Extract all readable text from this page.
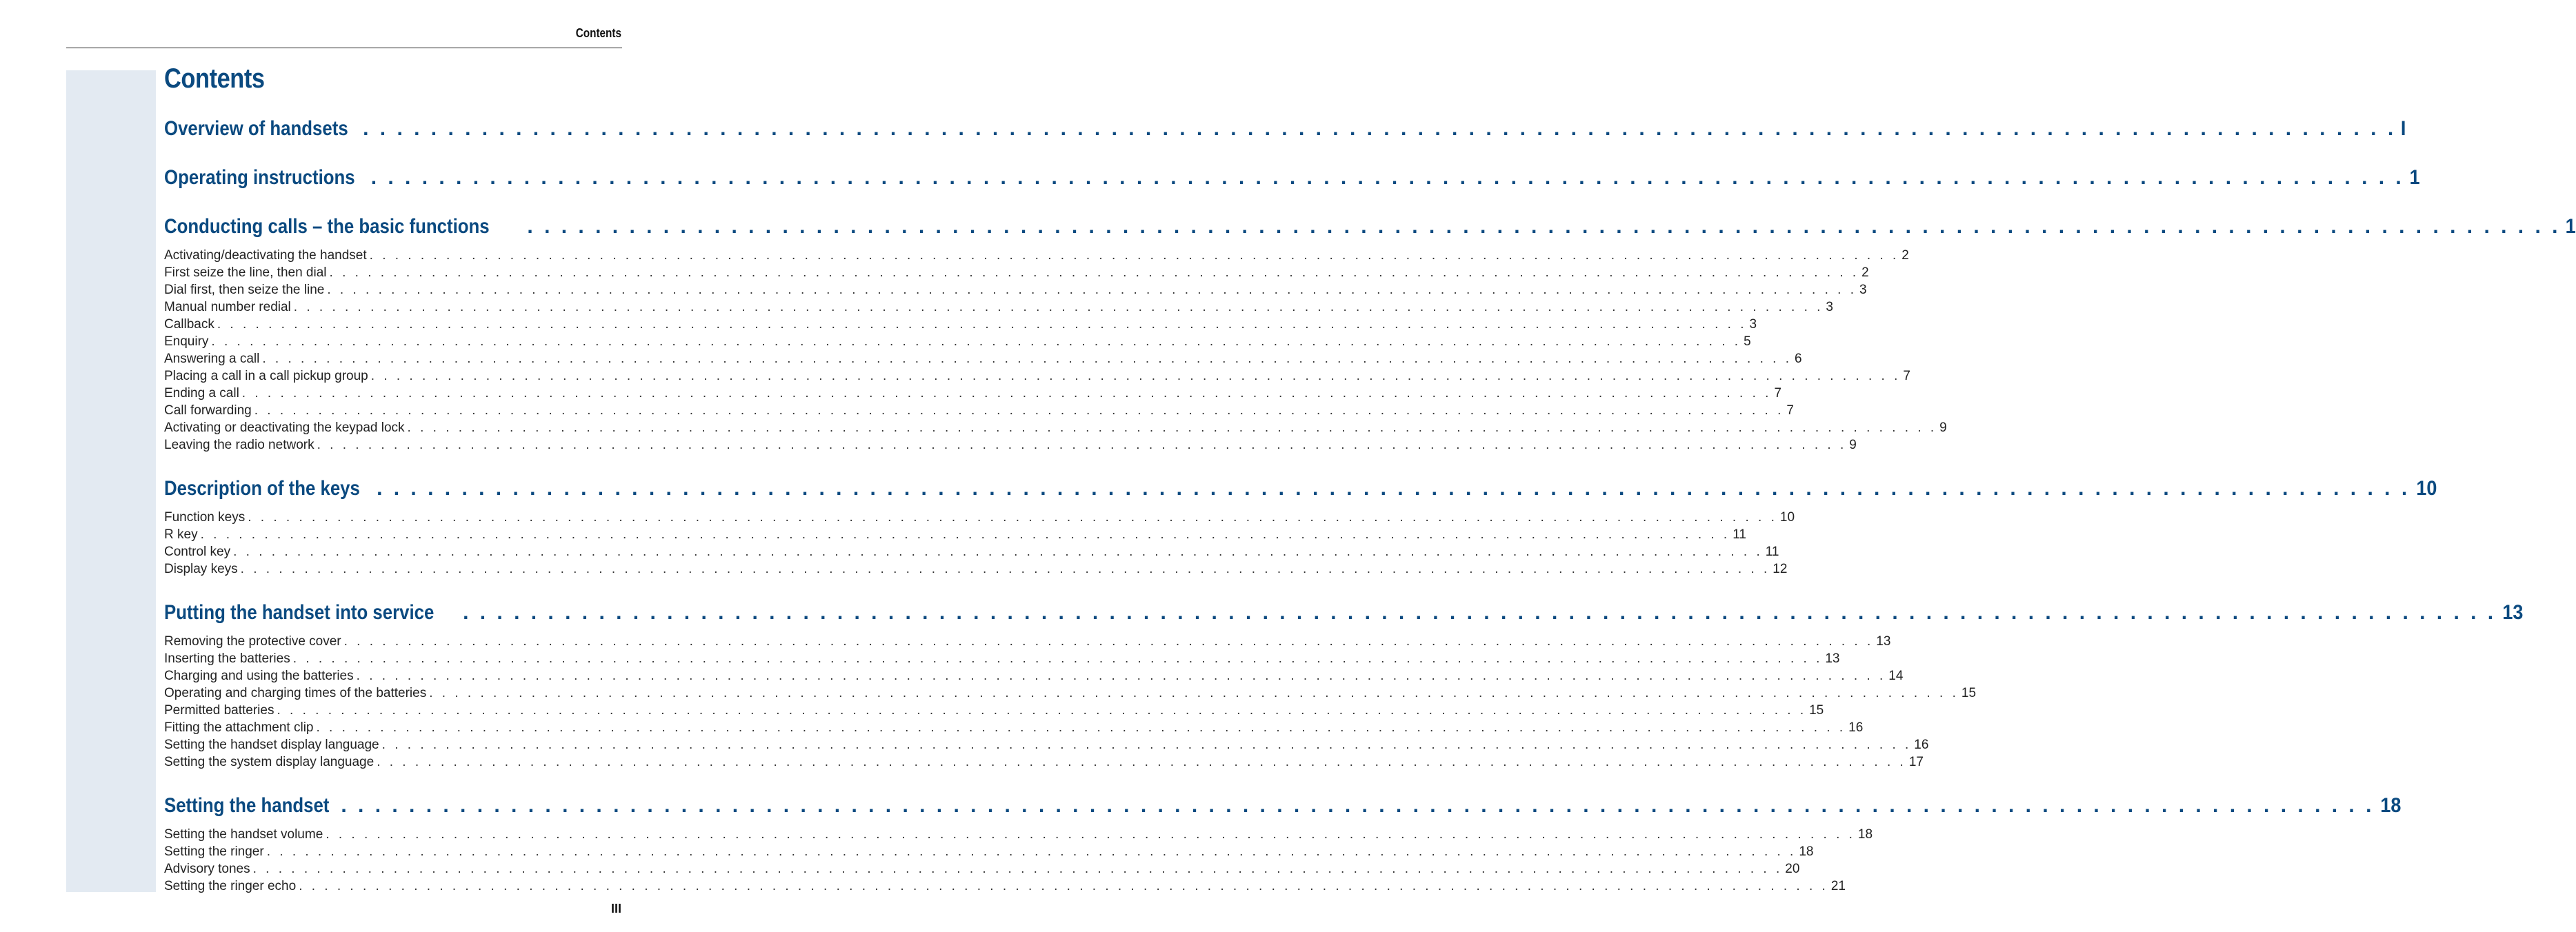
Contents
Contents
Overview of handsets . . . . . . . . . . . . . . . . . . . . . . . . . . . . . . . . . . . . . . . . . . . . . . . . . . . . . . . . . . . . . . . . . . . . . . . . . . . . . . . . . . . . . . . . . . . . . . . . . . . . . . . . . . . . . . . . . . . . . . . . I
Operating instructions . . . . . . . . . . . . . . . . . . . . . . . . . . . . . . . . . . . . . . . . . . . . . . . . . . . . . . . . . . . . . . . . . . . . . . . . . . . . . . . . . . . . . . . . . . . . . . . . . . . . . . . . . . . . . . . . . . . . . . . . 1
Conducting calls – the basic functions . . . . . . . . . . . . . . . . . . . . . . . . . . . . . . . . . . . . . . . . . . . . . . . . . . . . . . . . . . . . . . . . . . . . . . . . . . . . . . . . . . . . . . . . . . . . . . . . . . . . . . . . . . . . . . . . . . . . . . . . 1
Activating/deactivating the handset . . . . . . . . . . . . . . . . . . . . . . . . . . . . . . . . . . . . . . . . . . . . . . . . . . . . . . . . . . . . . . . . . . . . . . . . . . . . . . . . . . . . . . . . . . . . . . . . . . . . . . . . . . . . . . . . . . . . . . . . 2
First seize the line, then dial . . . . . . . . . . . . . . . . . . . . . . . . . . . . . . . . . . . . . . . . . . . . . . . . . . . . . . . . . . . . . . . . . . . . . . . . . . . . . . . . . . . . . . . . . . . . . . . . . . . . . . . . . . . . . . . . . . . . . . . . 2
Dial first, then seize the line . . . . . . . . . . . . . . . . . . . . . . . . . . . . . . . . . . . . . . . . . . . . . . . . . . . . . . . . . . . . . . . . . . . . . . . . . . . . . . . . . . . . . . . . . . . . . . . . . . . . . . . . . . . . . . . . . . . . . . . . 3
Manual number redial . . . . . . . . . . . . . . . . . . . . . . . . . . . . . . . . . . . . . . . . . . . . . . . . . . . . . . . . . . . . . . . . . . . . . . . . . . . . . . . . . . . . . . . . . . . . . . . . . . . . . . . . . . . . . . . . . . . . . . . . 3
Callback . . . . . . . . . . . . . . . . . . . . . . . . . . . . . . . . . . . . . . . . . . . . . . . . . . . . . . . . . . . . . . . . . . . . . . . . . . . . . . . . . . . . . . . . . . . . . . . . . . . . . . . . . . . . . . . . . . . . . . . . 3
Enquiry . . . . . . . . . . . . . . . . . . . . . . . . . . . . . . . . . . . . . . . . . . . . . . . . . . . . . . . . . . . . . . . . . . . . . . . . . . . . . . . . . . . . . . . . . . . . . . . . . . . . . . . . . . . . . . . . . . . . . . . . 5
Answering a call . . . . . . . . . . . . . . . . . . . . . . . . . . . . . . . . . . . . . . . . . . . . . . . . . . . . . . . . . . . . . . . . . . . . . . . . . . . . . . . . . . . . . . . . . . . . . . . . . . . . . . . . . . . . . . . . . . . . . . . . 6
Placing a call in a call pickup group . . . . . . . . . . . . . . . . . . . . . . . . . . . . . . . . . . . . . . . . . . . . . . . . . . . . . . . . . . . . . . . . . . . . . . . . . . . . . . . . . . . . . . . . . . . . . . . . . . . . . . . . . . . . . . . . . . . . . . . . 7
Ending a call . . . . . . . . . . . . . . . . . . . . . . . . . . . . . . . . . . . . . . . . . . . . . . . . . . . . . . . . . . . . . . . . . . . . . . . . . . . . . . . . . . . . . . . . . . . . . . . . . . . . . . . . . . . . . . . . . . . . . . . . 7
Call forwarding . . . . . . . . . . . . . . . . . . . . . . . . . . . . . . . . . . . . . . . . . . . . . . . . . . . . . . . . . . . . . . . . . . . . . . . . . . . . . . . . . . . . . . . . . . . . . . . . . . . . . . . . . . . . . . . . . . . . . . . . 7
Activating or deactivating the keypad lock . . . . . . . . . . . . . . . . . . . . . . . . . . . . . . . . . . . . . . . . . . . . . . . . . . . . . . . . . . . . . . . . . . . . . . . . . . . . . . . . . . . . . . . . . . . . . . . . . . . . . . . . . . . . . . . . . . . . . . . . 9
Leaving the radio network . . . . . . . . . . . . . . . . . . . . . . . . . . . . . . . . . . . . . . . . . . . . . . . . . . . . . . . . . . . . . . . . . . . . . . . . . . . . . . . . . . . . . . . . . . . . . . . . . . . . . . . . . . . . . . . . . . . . . . . . 9
Description of the keys . . . . . . . . . . . . . . . . . . . . . . . . . . . . . . . . . . . . . . . . . . . . . . . . . . . . . . . . . . . . . . . . . . . . . . . . . . . . . . . . . . . . . . . . . . . . . . . . . . . . . . . . . . . . . . . . . . . . . . . . 10
Function keys . . . . . . . . . . . . . . . . . . . . . . . . . . . . . . . . . . . . . . . . . . . . . . . . . . . . . . . . . . . . . . . . . . . . . . . . . . . . . . . . . . . . . . . . . . . . . . . . . . . . . . . . . . . . . . . . . . . . . . . . 10
R key . . . . . . . . . . . . . . . . . . . . . . . . . . . . . . . . . . . . . . . . . . . . . . . . . . . . . . . . . . . . . . . . . . . . . . . . . . . . . . . . . . . . . . . . . . . . . . . . . . . . . . . . . . . . . . . . . . . . . . . . 11
Control key . . . . . . . . . . . . . . . . . . . . . . . . . . . . . . . . . . . . . . . . . . . . . . . . . . . . . . . . . . . . . . . . . . . . . . . . . . . . . . . . . . . . . . . . . . . . . . . . . . . . . . . . . . . . . . . . . . . . . . . . 11
Display keys . . . . . . . . . . . . . . . . . . . . . . . . . . . . . . . . . . . . . . . . . . . . . . . . . . . . . . . . . . . . . . . . . . . . . . . . . . . . . . . . . . . . . . . . . . . . . . . . . . . . . . . . . . . . . . . . . . . . . . . . 12
Putting the handset into service . . . . . . . . . . . . . . . . . . . . . . . . . . . . . . . . . . . . . . . . . . . . . . . . . . . . . . . . . . . . . . . . . . . . . . . . . . . . . . . . . . . . . . . . . . . . . . . . . . . . . . . . . . . . . . . . . . . . . . . . 13
Removing the protective cover . . . . . . . . . . . . . . . . . . . . . . . . . . . . . . . . . . . . . . . . . . . . . . . . . . . . . . . . . . . . . . . . . . . . . . . . . . . . . . . . . . . . . . . . . . . . . . . . . . . . . . . . . . . . . . . . . . . . . . . . 13
Inserting the batteries . . . . . . . . . . . . . . . . . . . . . . . . . . . . . . . . . . . . . . . . . . . . . . . . . . . . . . . . . . . . . . . . . . . . . . . . . . . . . . . . . . . . . . . . . . . . . . . . . . . . . . . . . . . . . . . . . . . . . . . . 13
Charging and using the batteries . . . . . . . . . . . . . . . . . . . . . . . . . . . . . . . . . . . . . . . . . . . . . . . . . . . . . . . . . . . . . . . . . . . . . . . . . . . . . . . . . . . . . . . . . . . . . . . . . . . . . . . . . . . . . . . . . . . . . . . . 14
Operating and charging times of the batteries . . . . . . . . . . . . . . . . . . . . . . . . . . . . . . . . . . . . . . . . . . . . . . . . . . . . . . . . . . . . . . . . . . . . . . . . . . . . . . . . . . . . . . . . . . . . . . . . . . . . . . . . . . . . . . . . . . . . . . . . 15
Permitted batteries . . . . . . . . . . . . . . . . . . . . . . . . . . . . . . . . . . . . . . . . . . . . . . . . . . . . . . . . . . . . . . . . . . . . . . . . . . . . . . . . . . . . . . . . . . . . . . . . . . . . . . . . . . . . . . . . . . . . . . . . 15
Fitting the attachment clip . . . . . . . . . . . . . . . . . . . . . . . . . . . . . . . . . . . . . . . . . . . . . . . . . . . . . . . . . . . . . . . . . . . . . . . . . . . . . . . . . . . . . . . . . . . . . . . . . . . . . . . . . . . . . . . . . . . . . . . . 16
Setting the handset display language . . . . . . . . . . . . . . . . . . . . . . . . . . . . . . . . . . . . . . . . . . . . . . . . . . . . . . . . . . . . . . . . . . . . . . . . . . . . . . . . . . . . . . . . . . . . . . . . . . . . . . . . . . . . . . . . . . . . . . . . 16
Setting the system display language . . . . . . . . . . . . . . . . . . . . . . . . . . . . . . . . . . . . . . . . . . . . . . . . . . . . . . . . . . . . . . . . . . . . . . . . . . . . . . . . . . . . . . . . . . . . . . . . . . . . . . . . . . . . . . . . . . . . . . . . 17
Setting the handset . . . . . . . . . . . . . . . . . . . . . . . . . . . . . . . . . . . . . . . . . . . . . . . . . . . . . . . . . . . . . . . . . . . . . . . . . . . . . . . . . . . . . . . . . . . . . . . . . . . . . . . . . . . . . . . . . . . . . . . . 18
Setting the handset volume . . . . . . . . . . . . . . . . . . . . . . . . . . . . . . . . . . . . . . . . . . . . . . . . . . . . . . . . . . . . . . . . . . . . . . . . . . . . . . . . . . . . . . . . . . . . . . . . . . . . . . . . . . . . . . . . . . . . . . . . 18
Setting the ringer . . . . . . . . . . . . . . . . . . . . . . . . . . . . . . . . . . . . . . . . . . . . . . . . . . . . . . . . . . . . . . . . . . . . . . . . . . . . . . . . . . . . . . . . . . . . . . . . . . . . . . . . . . . . . . . . . . . . . . . . 18
Advisory tones . . . . . . . . . . . . . . . . . . . . . . . . . . . . . . . . . . . . . . . . . . . . . . . . . . . . . . . . . . . . . . . . . . . . . . . . . . . . . . . . . . . . . . . . . . . . . . . . . . . . . . . . . . . . . . . . . . . . . . . . 20
Setting the ringer echo . . . . . . . . . . . . . . . . . . . . . . . . . . . . . . . . . . . . . . . . . . . . . . . . . . . . . . . . . . . . . . . . . . . . . . . . . . . . . . . . . . . . . . . . . . . . . . . . . . . . . . . . . . . . . . . . . . . . . . . . 21
III
